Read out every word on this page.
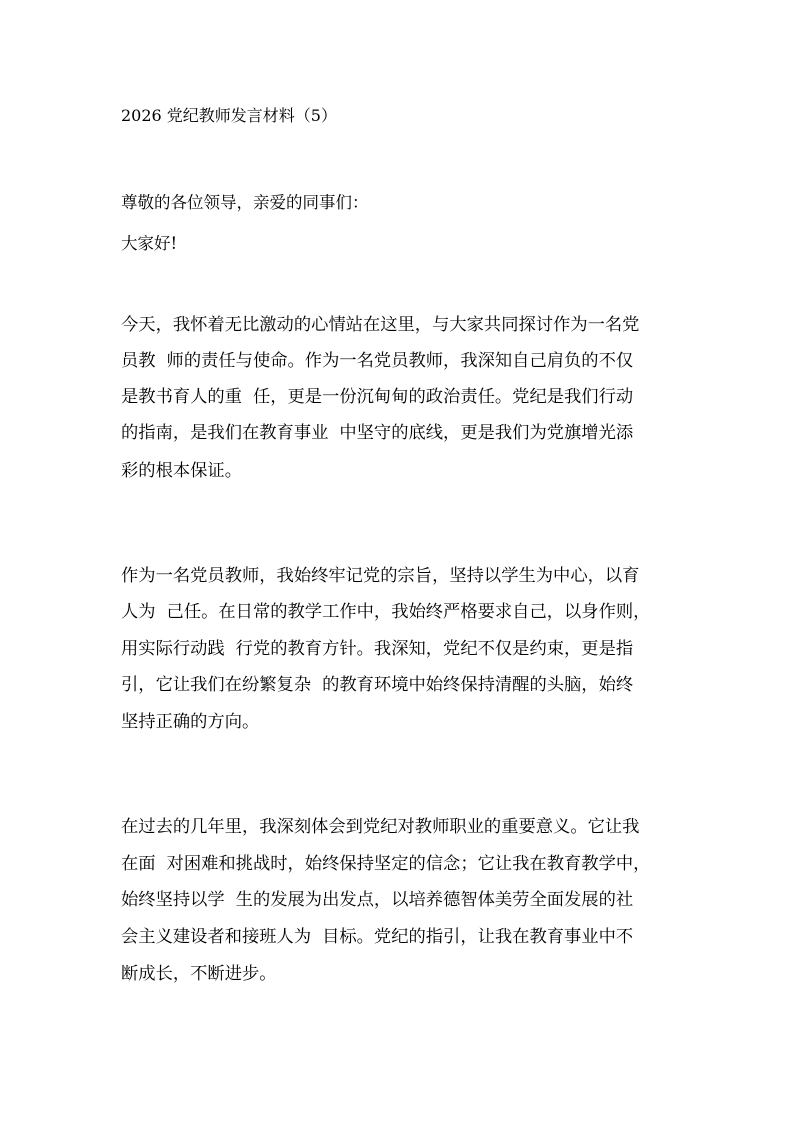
2026 党纪教师发言材料（5）
尊敬的各位领导，亲爱的同事们：
大家好!
今天，我怀着无比激动的心情站在这里，与大家共同探讨作为一名党
员教  师的责任与使命。作为一名党员教师，我深知自己肩负的不仅
是教书育人的重  任，更是一份沉甸甸的政治责任。党纪是我们行动
的指南，是我们在教育事业  中坚守的底线，更是我们为党旗增光添
彩的根本保证。
作为一名党员教师，我始终牢记党的宗旨，坚持以学生为中心，以育
人为  己任。在日常的教学工作中，我始终严格要求自己，以身作则，
用实际行动践  行党的教育方针。我深知，党纪不仅是约束，更是指
引，它让我们在纷繁复杂  的教育环境中始终保持清醒的头脑，始终
坚持正确的方向。
在过去的几年里，我深刻体会到党纪对教师职业的重要意义。它让我
在面  对困难和挑战时，始终保持坚定的信念；它让我在教育教学中，
始终坚持以学  生的发展为出发点，以培养德智体美劳全面发展的社
会主义建设者和接班人为  目标。党纪的指引，让我在教育事业中不
断成长，不断进步。
